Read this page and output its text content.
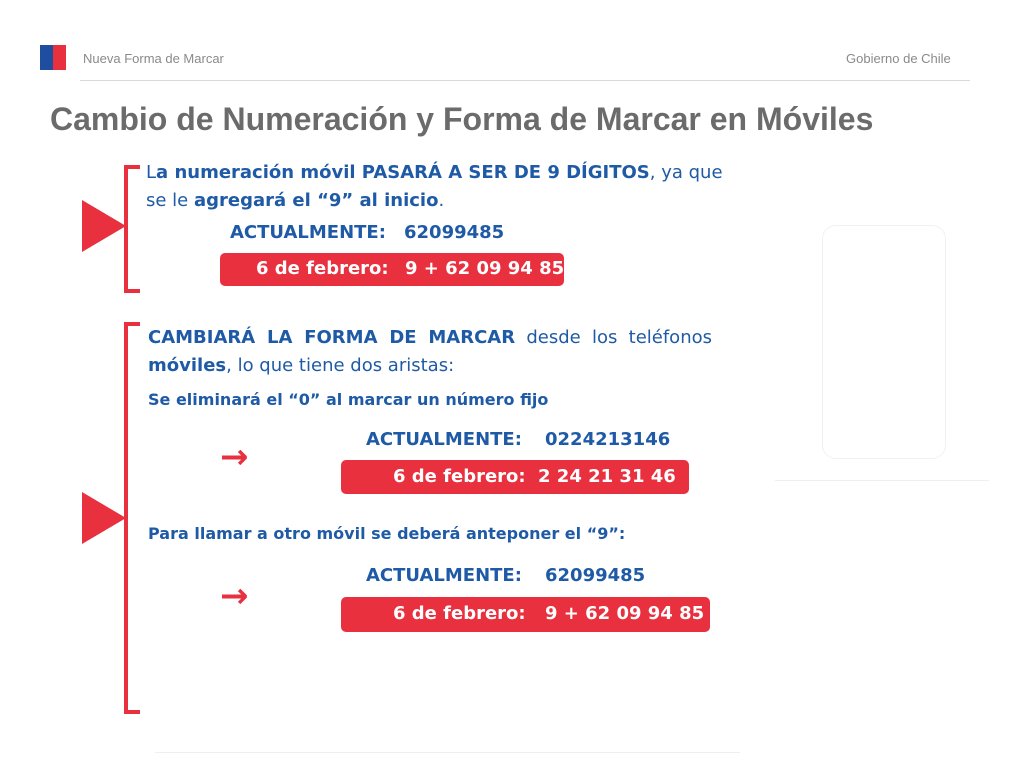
Nueva Forma de Marcar	Gobierno de Chile
Cambio de Numeración y Forma de Marcar en Móviles
La numeración móvil PASARÁ A SER DE 9 DÍGITOS, ya que
se le agregará el “9” al inicio.
ACTUALMENTE: 62099485
6 de febrero: 9 + 62 09 94 85
CAMBIARÁ LA FORMA DE MARCAR desde los teléfonos
móviles, lo que tiene dos aristas:
Se eliminará el “0” al marcar un número fijo
→	ACTUALMENTE: 0224213146
6 de febrero: 2 24 21 31 46
Para llamar a otro móvil se deberá anteponer el “9”:
→
ACTUALMENTE: 62099485
6 de febrero: 9 + 62 09 94 85
